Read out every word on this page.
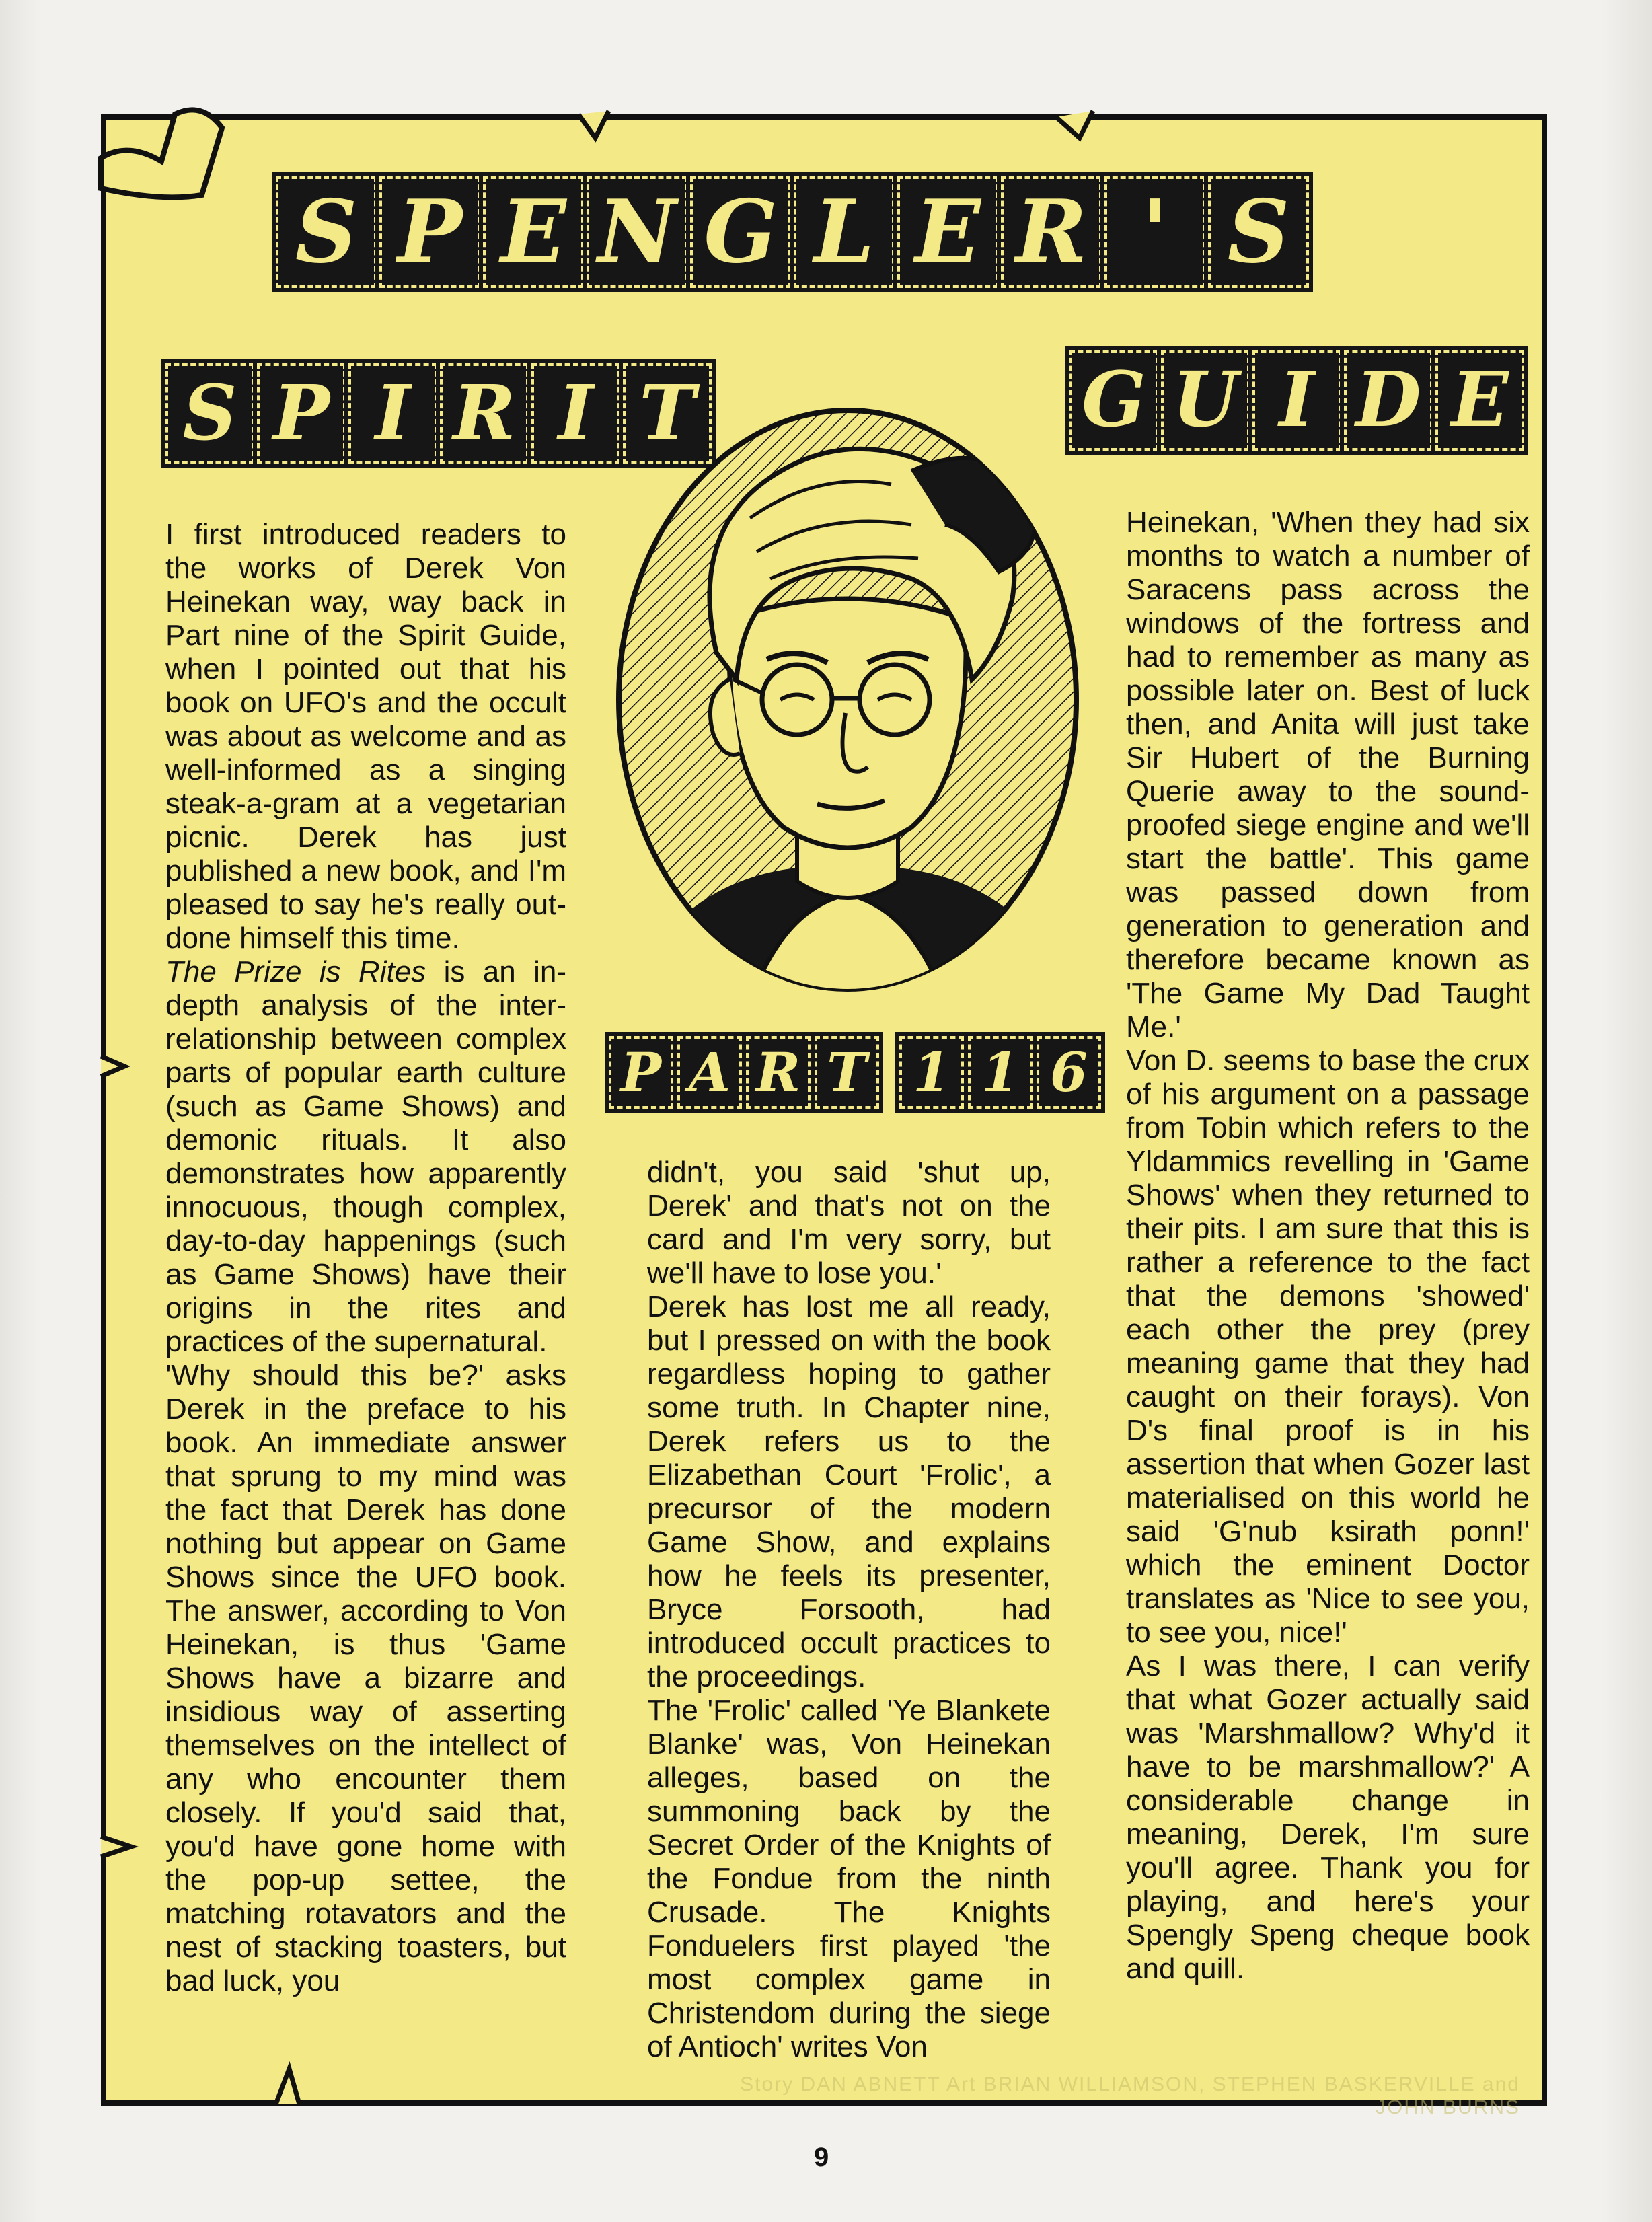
S P E N G L E R ' S
S P I R I T	G U I D E
P A R T 1 1 6

I first introduced readers to the works of Derek Von Heinekan way, way back in Part nine of the Spirit Guide, when I pointed out that his book on UFO's and the occult was about as welcome and as well-informed as a singing steak-a-gram at a vegetarian picnic. Derek has just published a new book, and I'm pleased to say he's really out-done himself this time.

The Prize is Rites is an in-depth analysis of the inter-relationship between complex parts of popular earth culture (such as Game Shows) and demonic rituals. It also demonstrates how apparently innocuous, though complex, day-to-day happenings (such as Game Shows) have their origins in the rites and practices of the supernatural.

'Why should this be?' asks Derek in the preface to his book. An immediate answer that sprung to my mind was the fact that Derek has done nothing but appear on Game Shows since the UFO book. The answer, according to Von Heinekan, is thus 'Game Shows have a bizarre and insidious way of asserting themselves on the intellect of any who encounter them closely. If you'd said that, you'd have gone home with the pop-up settee, the matching rotavators and the nest of stacking toasters, but bad luck, you

didn't, you said 'shut up, Derek' and that's not on the card and I'm very sorry, but we'll have to lose you.'

Derek has lost me all ready, but I pressed on with the book regardless hoping to gather some truth. In Chapter nine, Derek refers us to the Elizabethan Court 'Frolic', a precursor of the modern Game Show, and explains how he feels its presenter, Bryce Forsooth, had introduced occult practices to the proceedings.

The 'Frolic' called 'Ye Blankete Blanke' was, Von Heinekan alleges, based on the summoning back by the Secret Order of the Knights of the Fondue from the ninth Crusade. The Knights Fonduelers first played 'the most complex game in Christendom during the siege of Antioch' writes Von

Heinekan, 'When they had six months to watch a number of Saracens pass across the windows of the fortress and had to remember as many as possible later on. Best of luck then, and Anita will just take Sir Hubert of the Burning Querie away to the sound-proofed siege engine and we'll start the battle'. This game was passed down from generation to generation and therefore became known as 'The Game My Dad Taught Me.'

Von D. seems to base the crux of his argument on a passage from Tobin which refers to the Yldammics revelling in 'Game Shows' when they returned to their pits. I am sure that this is rather a reference to the fact that the demons 'showed' each other the prey (prey meaning game that they had caught on their forays). Von D's final proof is in his assertion that when Gozer last materialised on this world he said 'G'nub ksirath ponn!' which the eminent Doctor translates as 'Nice to see you, to see you, nice!'

As I was there, I can verify that what Gozer actually said was 'Marshmallow? Why'd it have to be marshmallow?' A considerable change in meaning, Derek, I'm sure you'll agree. Thank you for playing, and here's your Spengly Speng cheque book and quill.

Story DAN ABNETT Art BRIAN WILLIAMSON, STEPHEN BASKERVILLE and JOHN BURNS
9
